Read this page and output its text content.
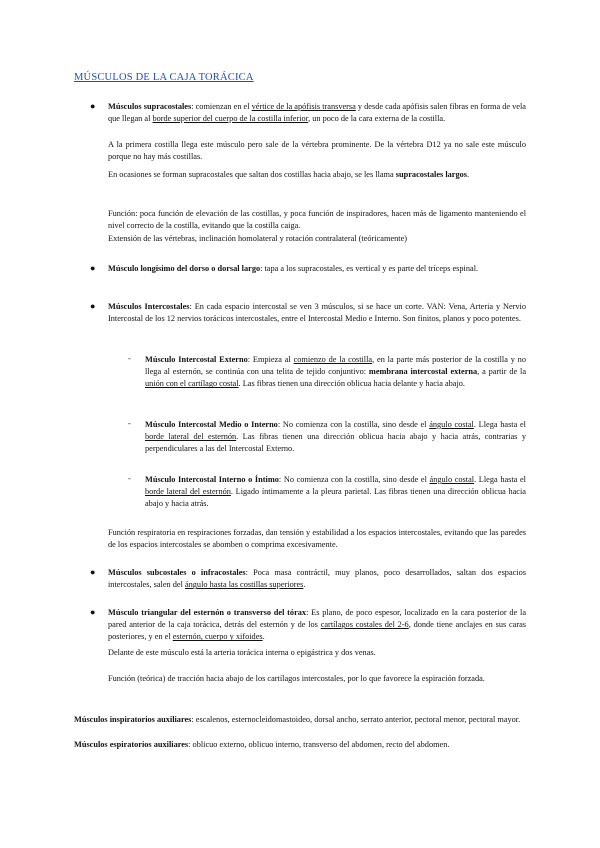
MÚSCULOS DE LA CAJA TORÁCICA
● Músculos supracostales: comienzan en el vértice de la apófisis transversa y desde cada apófisis salen fibras en forma de vela que llegan al borde superior del cuerpo de la costilla inferior, un poco de la cara externa de la costilla.

A la primera costilla llega este músculo pero sale de la vértebra prominente. De la vértebra D12 ya no sale este músculo porque no hay más costillas.

En ocasiones se forman supracostales que saltan dos costillas hacia abajo, se les llama supracostales largos.

Función: poca función de elevación de las costillas, y poca función de inspiradores, hacen más de ligamento manteniendo el nivel correcto de la costilla, evitando que la costilla caiga.

Extensión de las vértebras, inclinación homolateral y rotación contralateral (teóricamente)

● Músculo longísimo del dorso o dorsal largo: tapa a los supracostales, es vertical y es parte del tríceps espinal.

● Músculos Intercostales: En cada espacio intercostal se ven 3 músculos, si se hace un corte. VAN: Vena, Arteria y Nervio Intercostal de los 12 nervios torácicos intercostales, entre el Intercostal Medio e Interno. Son finitos, planos y poco potentes.

- Músculo Intercostal Externo: Empieza al comienzo de la costilla, en la parte más posterior de la costilla y no llega al esternón, se continúa con una telita de tejido conjuntivo: membrana intercostal externa, a partir de la unión con el cartílago costal. Las fibras tienen una dirección oblicua hacia delante y hacia abajo.

- Músculo Intercostal Medio o Interno: No comienza con la costilla, sino desde el ángulo costal. Llega hasta el borde lateral del esternón. Las fibras tienen una dirección oblicua hacia abajo y hacia atrás, contrarias y perpendiculares a las del Intercostal Externo.

- Músculo Intercostal Interno o Íntimo: No comienza con la costilla, sino desde el ángulo costal. Llega hasta el borde lateral del esternón. Ligado íntimamente a la pleura parietal. Las fibras tienen una dirección oblicua hacia abajo y hacia atrás.

Función respiratoria en respiraciones forzadas, dan tensión y estabilidad a los espacios intercostales, evitando que las paredes de los espacios intercostales se abomben o comprima excesivamente.

● Músculos subcostales o infracostales: Poca masa contráctil, muy planos, poco desarrollados, saltan dos espacios intercostales, salen del ángulo hasta las costillas superiores.

● Músculo triangular del esternón o transverso del tórax: Es plano, de poco espesor, localizado en la cara posterior de la pared anterior de la caja torácica, detrás del esternón y de los cartílagos costales del 2-6, donde tiene anclajes en sus caras posteriores, y en el esternón, cuerpo y xifoides.

Delante de este músculo está la arteria torácica interna o epigástrica y dos venas.

Función (teórica) de tracción hacia abajo de los cartílagos intercostales, por lo que favorece la espiración forzada.

Músculos inspiratorios auxiliares: escalenos, esternocleidomastoideo, dorsal ancho, serrato anterior, pectoral menor, pectoral mayor.

Músculos espiratorios auxiliares: oblicuo externo, oblicuo interno, transverso del abdomen, recto del abdomen.
